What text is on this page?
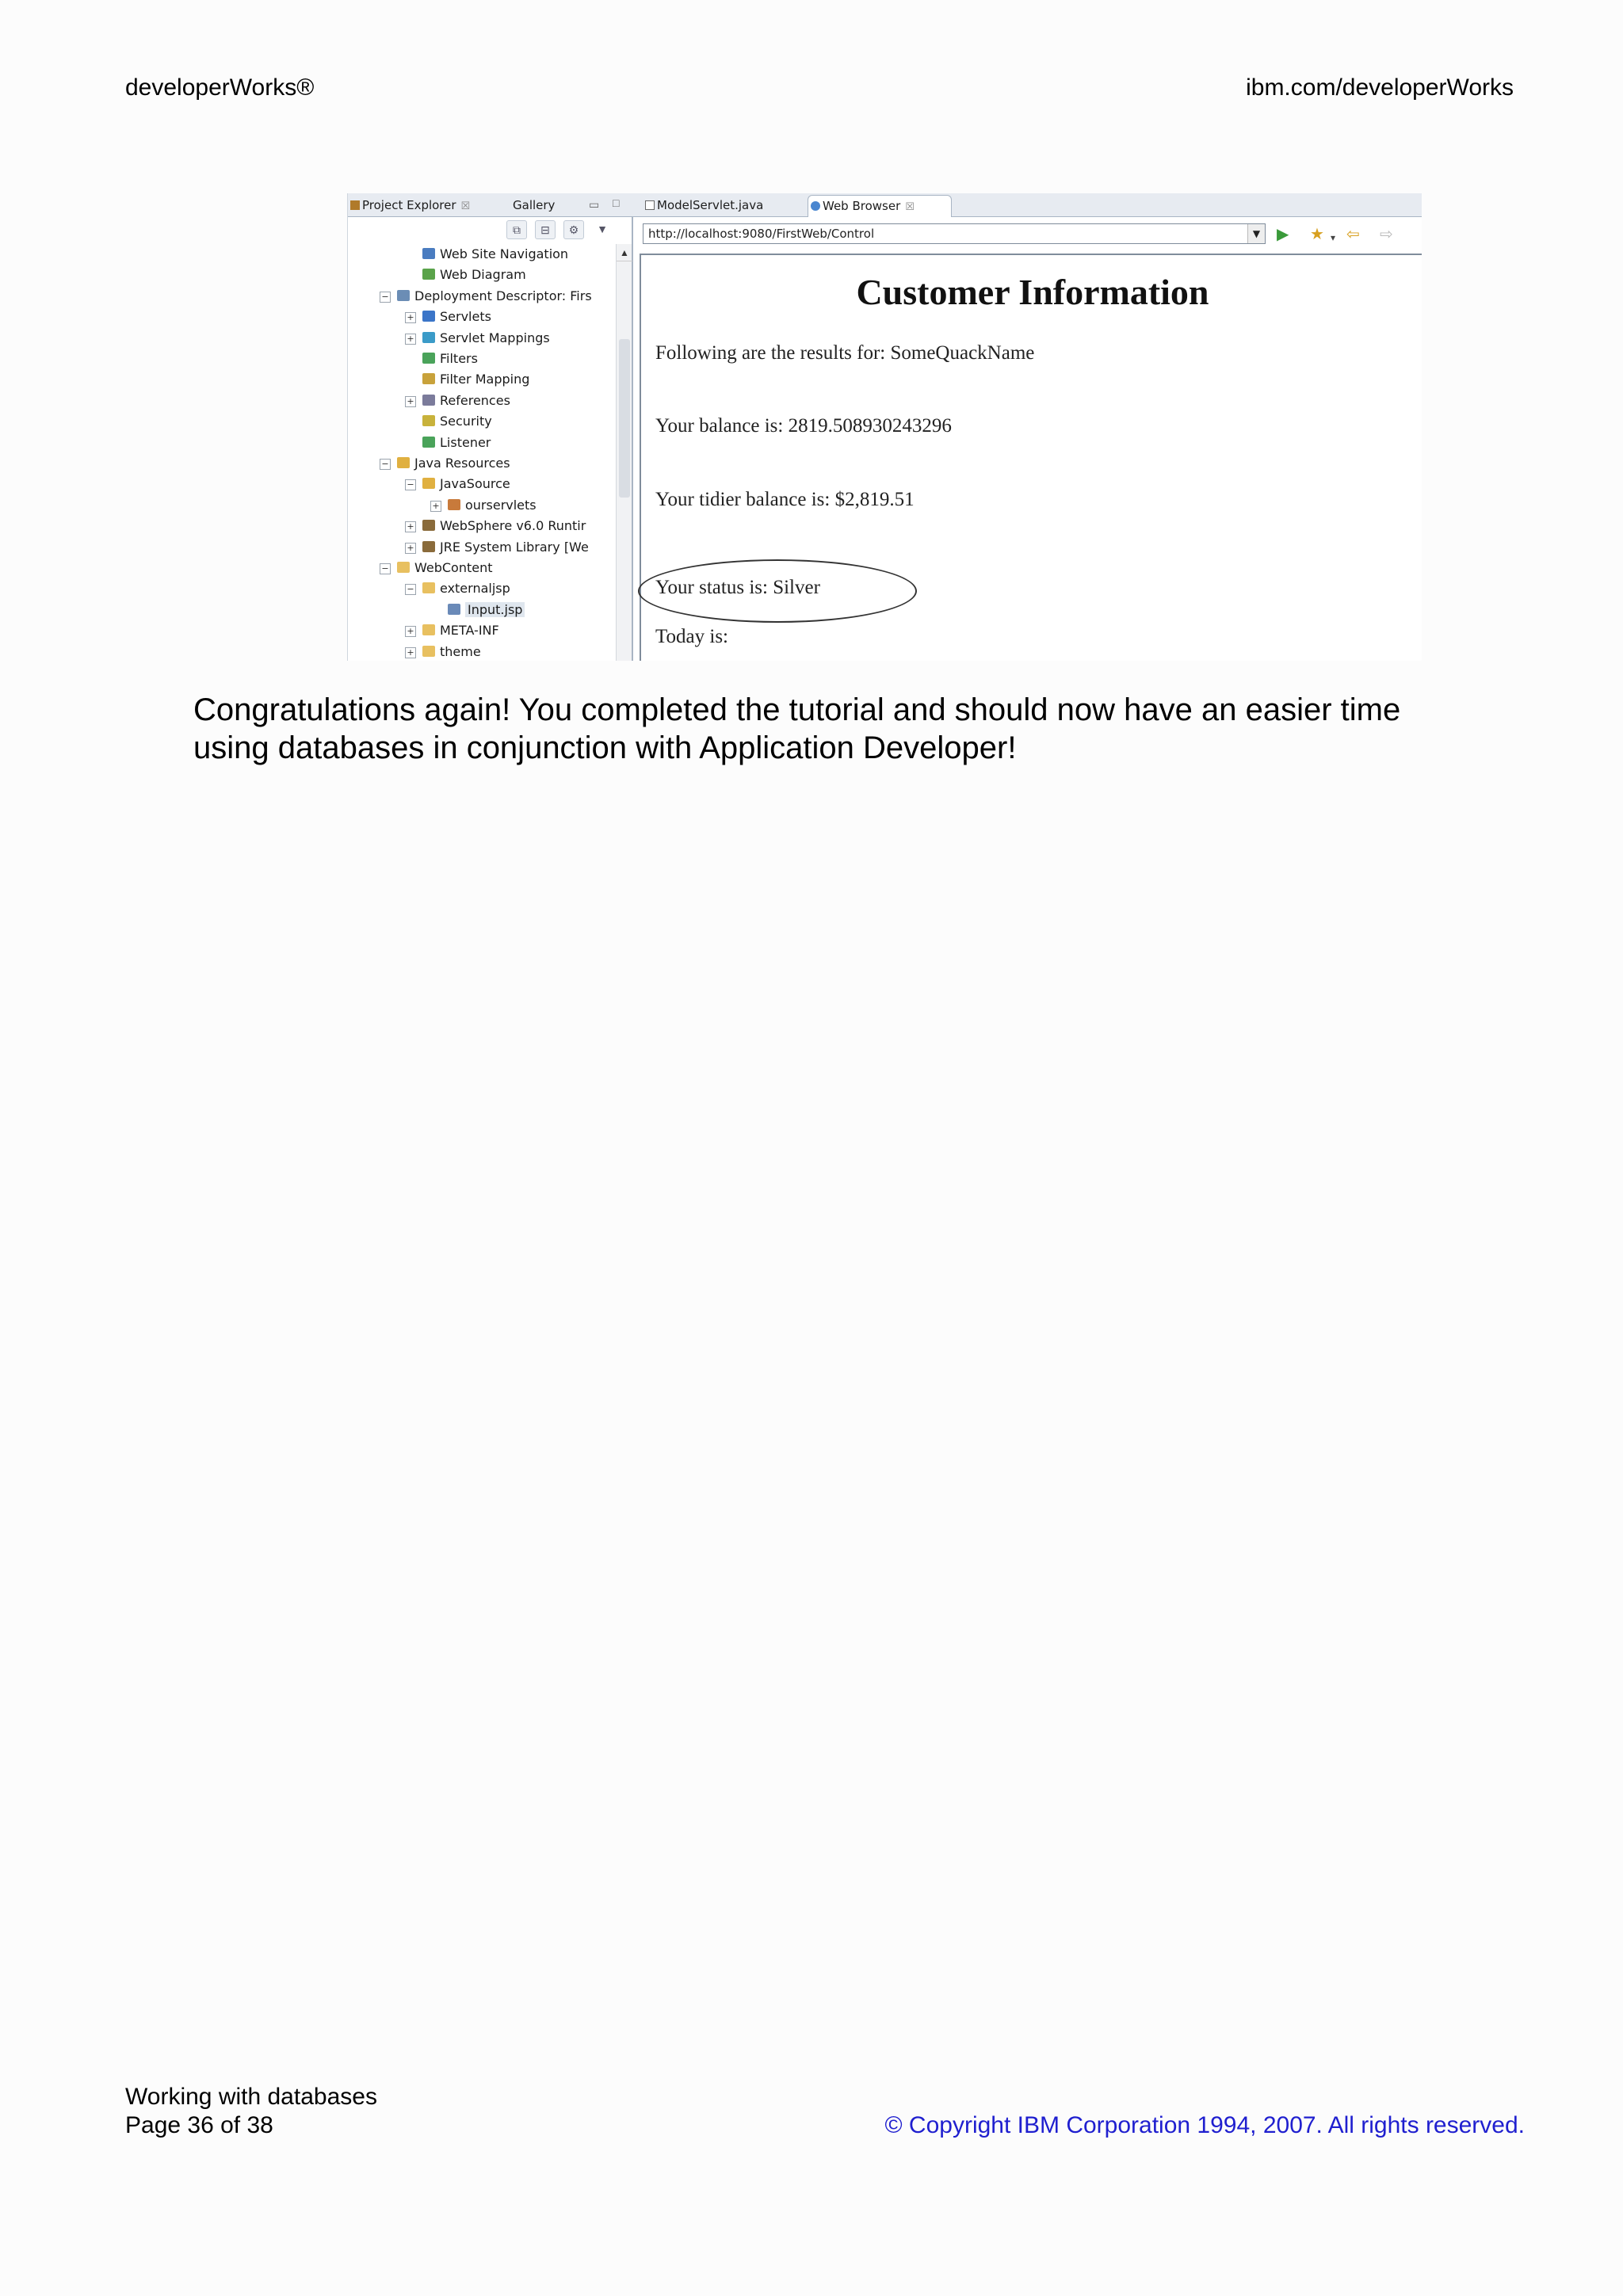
developerWorks®	ibm.com/developerWorks
Project Explorer ☒	Gallery	▭ □	ModelServlet.java	Web Browser ☒
⧉	⊟	⚙	▼
Web Site Navigation
Web Diagram
− Deployment Descriptor: Firs
+ Servlets
+ Servlet Mappings
Filters
Filter Mapping
+ References
Security
Listener
− Java Resources
− JavaSource
+ ourservlets
+ WebSphere v6.0 Runtir
+ JRE System Library [We
− WebContent
− externaljsp
Input.jsp
+ META-INF
+ theme
▲
http://localhost:9080/FirstWeb/Control	▼ ▶ ★ ▾ ⇦ ⇨
Customer Information
Following are the results for: SomeQuackName
Your balance is: 2819.508930243296
Your tidier balance is: $2,819.51
Your status is: Silver
Today is:
Congratulations again! You completed the tutorial and should now have an easier time using databases in conjunction with Application Developer!
Working with databases
Page 36 of 38	© Copyright IBM Corporation 1994, 2007. All rights reserved.
